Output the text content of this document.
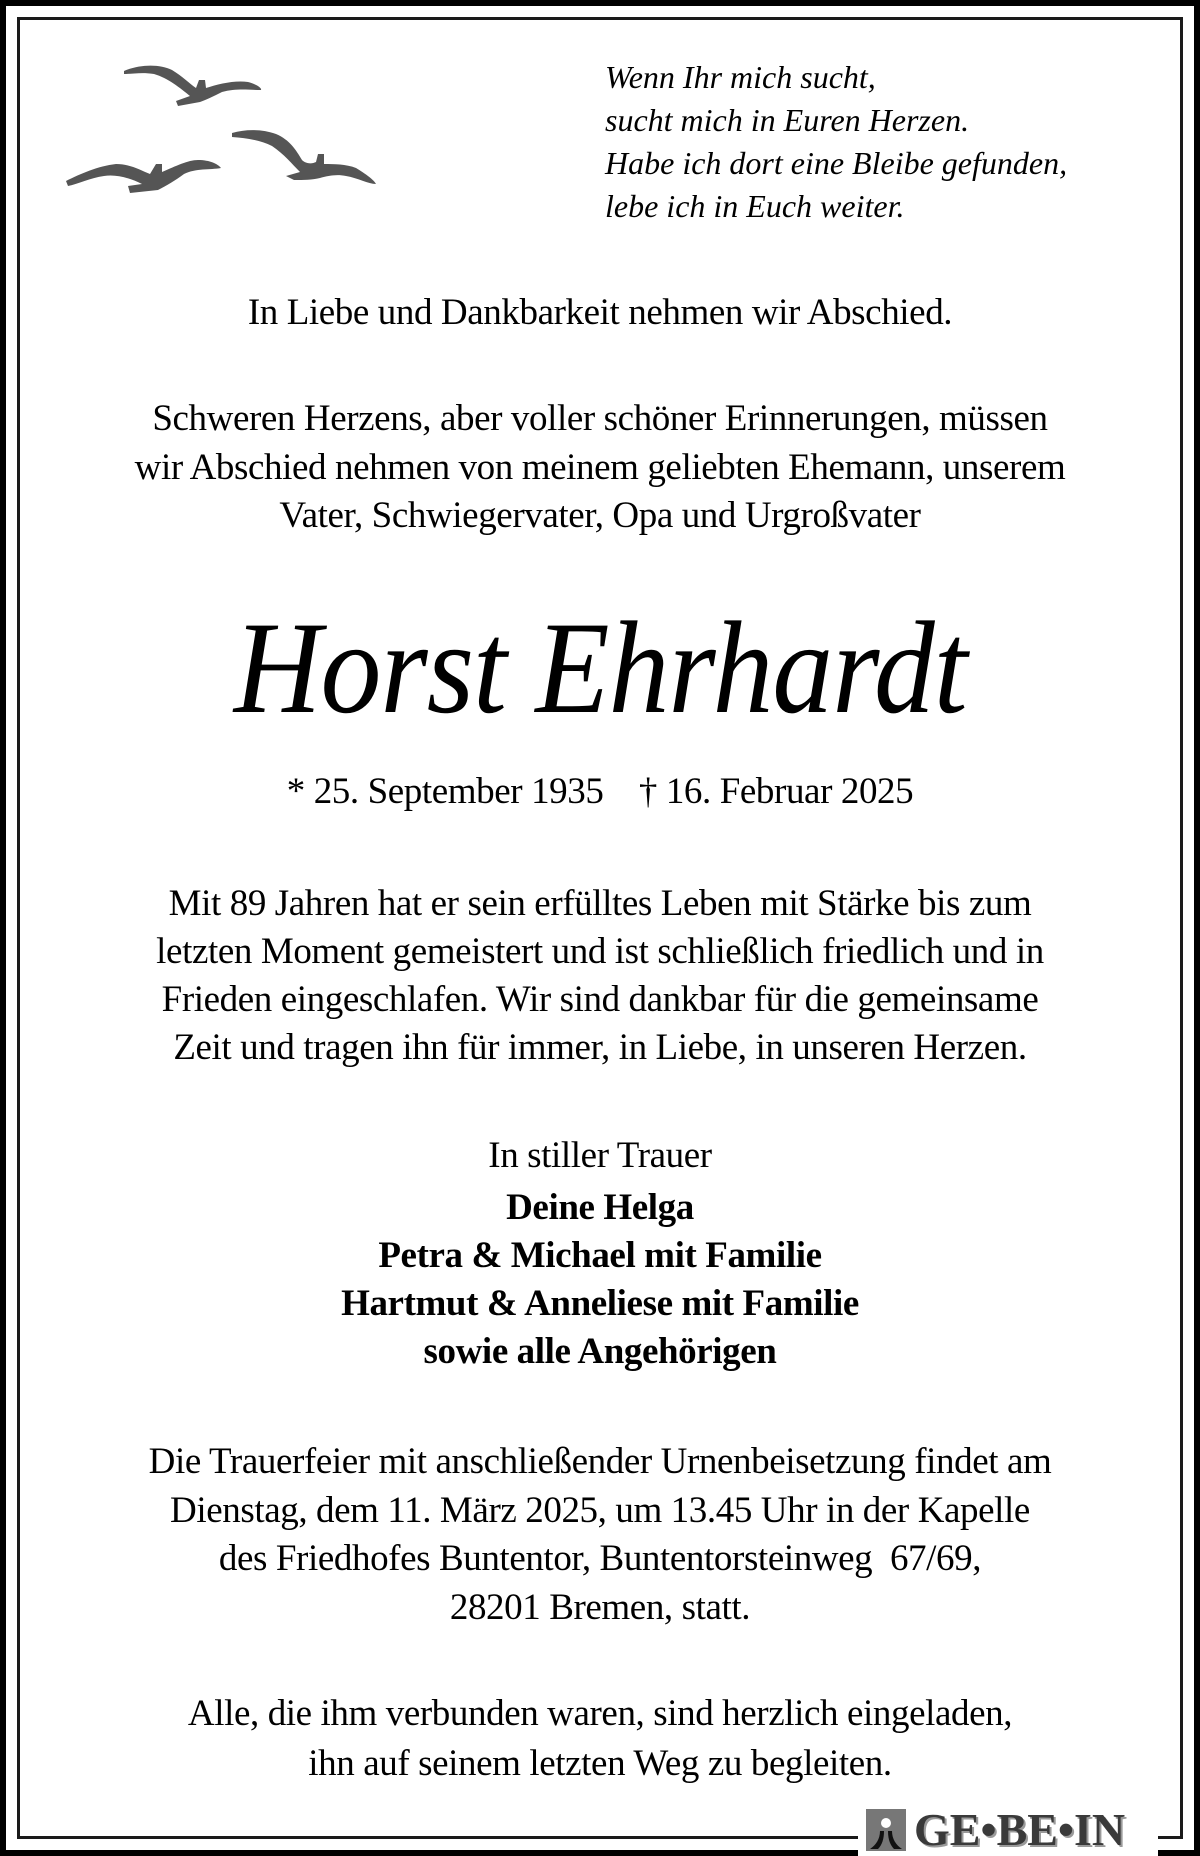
Wenn Ihr mich sucht,
sucht mich in Euren Herzen.
Habe ich dort eine Bleibe gefunden,
lebe ich in Euch weiter.
In Liebe und Dankbarkeit nehmen wir Abschied.
Schweren Herzens, aber voller schöner Erinnerungen, müssen
wir Abschied nehmen von meinem geliebten Ehemann, unserem
Vater, Schwiegervater, Opa und Urgroßvater
Horst Ehrhardt
* 25. September 1935    † 16. Februar 2025
Mit 89 Jahren hat er sein erfülltes Leben mit Stärke bis zum
letzten Moment gemeistert und ist schließlich friedlich und in
Frieden eingeschlafen. Wir sind dankbar für die gemeinsame
Zeit und tragen ihn für immer, in Liebe, in unseren Herzen.
In stiller Trauer
Deine Helga
Petra & Michael mit Familie
Hartmut & Anneliese mit Familie
sowie alle Angehörigen
Die Trauerfeier mit anschließender Urnenbeisetzung findet am
Dienstag, dem 11. März 2025, um 13.45 Uhr in der Kapelle
des Friedhofes Buntentor, Buntentorsteinweg  67/69,
28201 Bremen, statt.
Alle, die ihm verbunden waren, sind herzlich eingeladen,
ihn auf seinem letzten Weg zu begleiten.
GE•BE•IN
